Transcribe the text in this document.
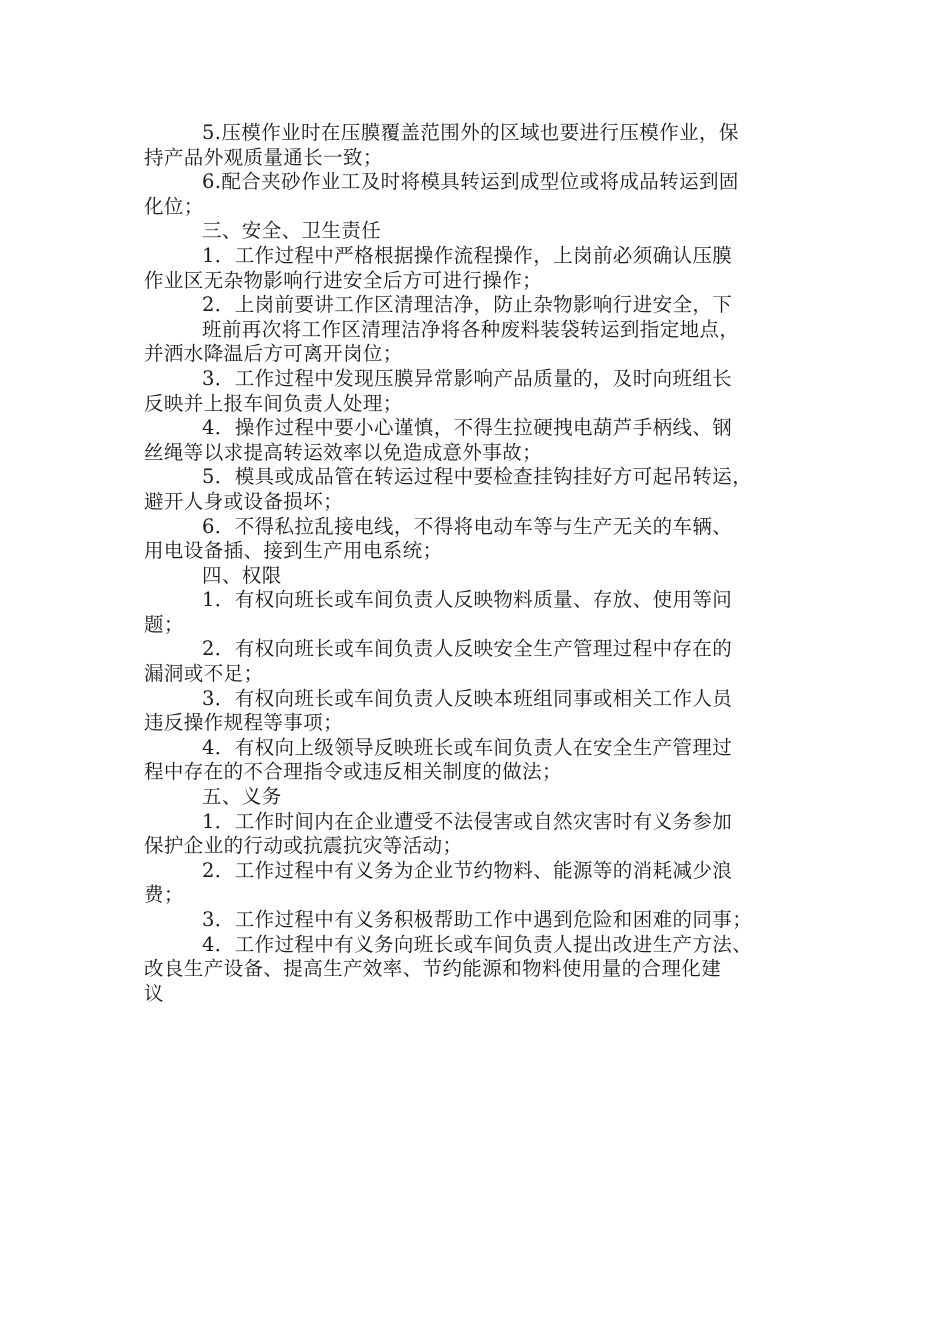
5.压模作业时在压膜覆盖范围外的区域也要进行压模作业，保
持产品外观质量通长一致；
6.配合夹砂作业工及时将模具转运到成型位或将成品转运到固
化位；
三、安全、卫生责任
1．工作过程中严格根据操作流程操作，上岗前必须确认压膜
作业区无杂物影响行进安全后方可进行操作；
2．上岗前要讲工作区清理洁净，防止杂物影响行进安全，下
班前再次将工作区清理洁净将各种废料装袋转运到指定地点，
并洒水降温后方可离开岗位；
3．工作过程中发现压膜异常影响产品质量的，及时向班组长
反映并上报车间负责人处理；
4．操作过程中要小心谨慎，不得生拉硬拽电葫芦手柄线、钢
丝绳等以求提高转运效率以免造成意外事故；
5．模具或成品管在转运过程中要检查挂钩挂好方可起吊转运，
避开人身或设备损坏；
6．不得私拉乱接电线，不得将电动车等与生产无关的车辆、
用电设备插、接到生产用电系统；
四、权限
1．有权向班长或车间负责人反映物料质量、存放、使用等问
题；
2．有权向班长或车间负责人反映安全生产管理过程中存在的
漏洞或不足；
3．有权向班长或车间负责人反映本班组同事或相关工作人员
违反操作规程等事项；
4．有权向上级领导反映班长或车间负责人在安全生产管理过
程中存在的不合理指令或违反相关制度的做法；
五、义务
1．工作时间内在企业遭受不法侵害或自然灾害时有义务参加
保护企业的行动或抗震抗灾等活动；
2．工作过程中有义务为企业节约物料、能源等的消耗减少浪
费；
3．工作过程中有义务积极帮助工作中遇到危险和困难的同事；
4．工作过程中有义务向班长或车间负责人提出改进生产方法、
改良生产设备、提高生产效率、节约能源和物料使用量的合理化建
议
